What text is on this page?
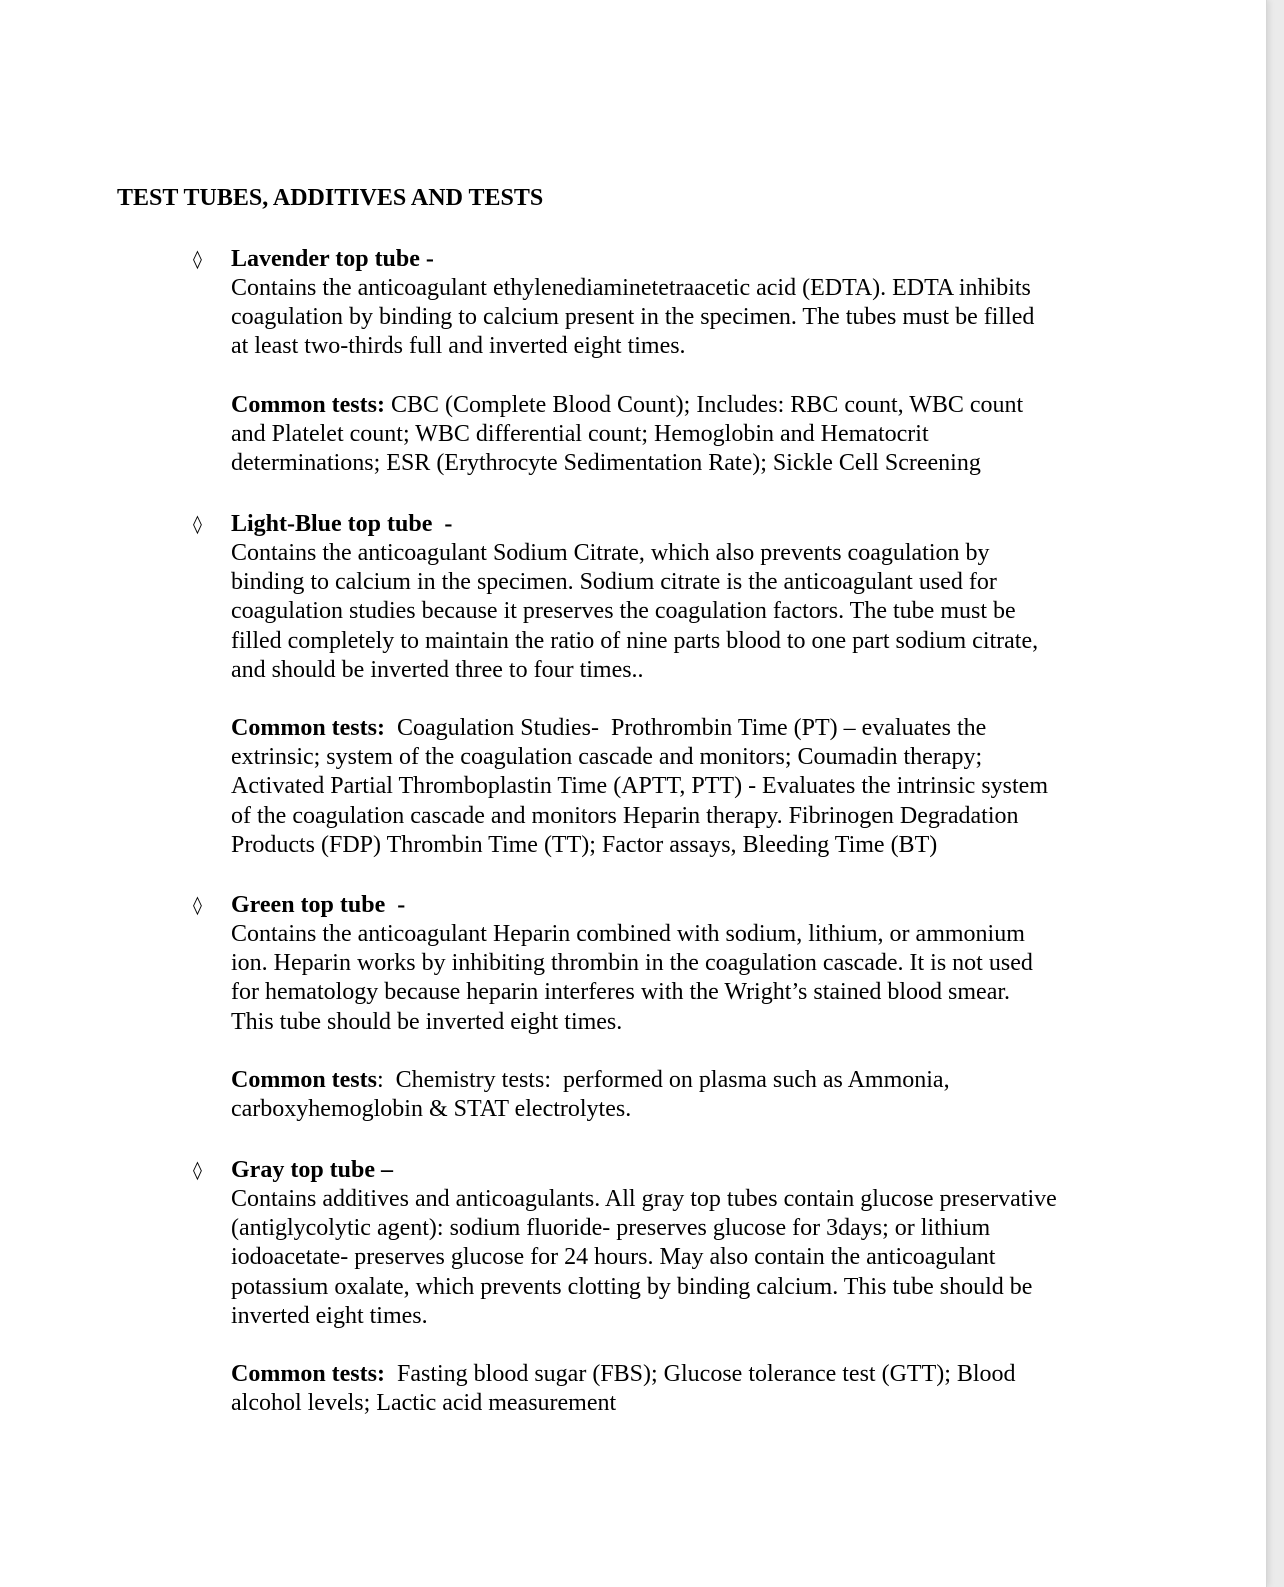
TEST TUBES, ADDITIVES AND TESTS
◊ Lavender top tube -

Contains the anticoagulant ethylenediaminetetraacetic acid (EDTA). EDTA inhibits
coagulation by binding to calcium present in the specimen. The tubes must be filled
at least two-thirds full and inverted eight times.

Common tests: CBC (Complete Blood Count); Includes: RBC count, WBC count
and Platelet count; WBC differential count; Hemoglobin and Hematocrit
determinations; ESR (Erythrocyte Sedimentation Rate); Sickle Cell Screening

◊ Light-Blue top tube  -

Contains the anticoagulant Sodium Citrate, which also prevents coagulation by
binding to calcium in the specimen. Sodium citrate is the anticoagulant used for
coagulation studies because it preserves the coagulation factors. The tube must be
filled completely to maintain the ratio of nine parts blood to one part sodium citrate,
and should be inverted three to four times..

Common tests:  Coagulation Studies-  Prothrombin Time (PT) – evaluates the
extrinsic; system of the coagulation cascade and monitors; Coumadin therapy;
Activated Partial Thromboplastin Time (APTT, PTT) - Evaluates the intrinsic system
of the coagulation cascade and monitors Heparin therapy. Fibrinogen Degradation
Products (FDP) Thrombin Time (TT); Factor assays, Bleeding Time (BT)

◊ Green top tube  -

Contains the anticoagulant Heparin combined with sodium, lithium, or ammonium
ion. Heparin works by inhibiting thrombin in the coagulation cascade. It is not used
for hematology because heparin interferes with the Wright’s stained blood smear.
This tube should be inverted eight times.

Common tests:  Chemistry tests:  performed on plasma such as Ammonia,
carboxyhemoglobin & STAT electrolytes.

◊ Gray top tube –

Contains additives and anticoagulants. All gray top tubes contain glucose preservative
(antiglycolytic agent): sodium fluoride- preserves glucose for 3days; or lithium
iodoacetate- preserves glucose for 24 hours. May also contain the anticoagulant
potassium oxalate, which prevents clotting by binding calcium. This tube should be
inverted eight times.

Common tests:  Fasting blood sugar (FBS); Glucose tolerance test (GTT); Blood
alcohol levels; Lactic acid measurement
